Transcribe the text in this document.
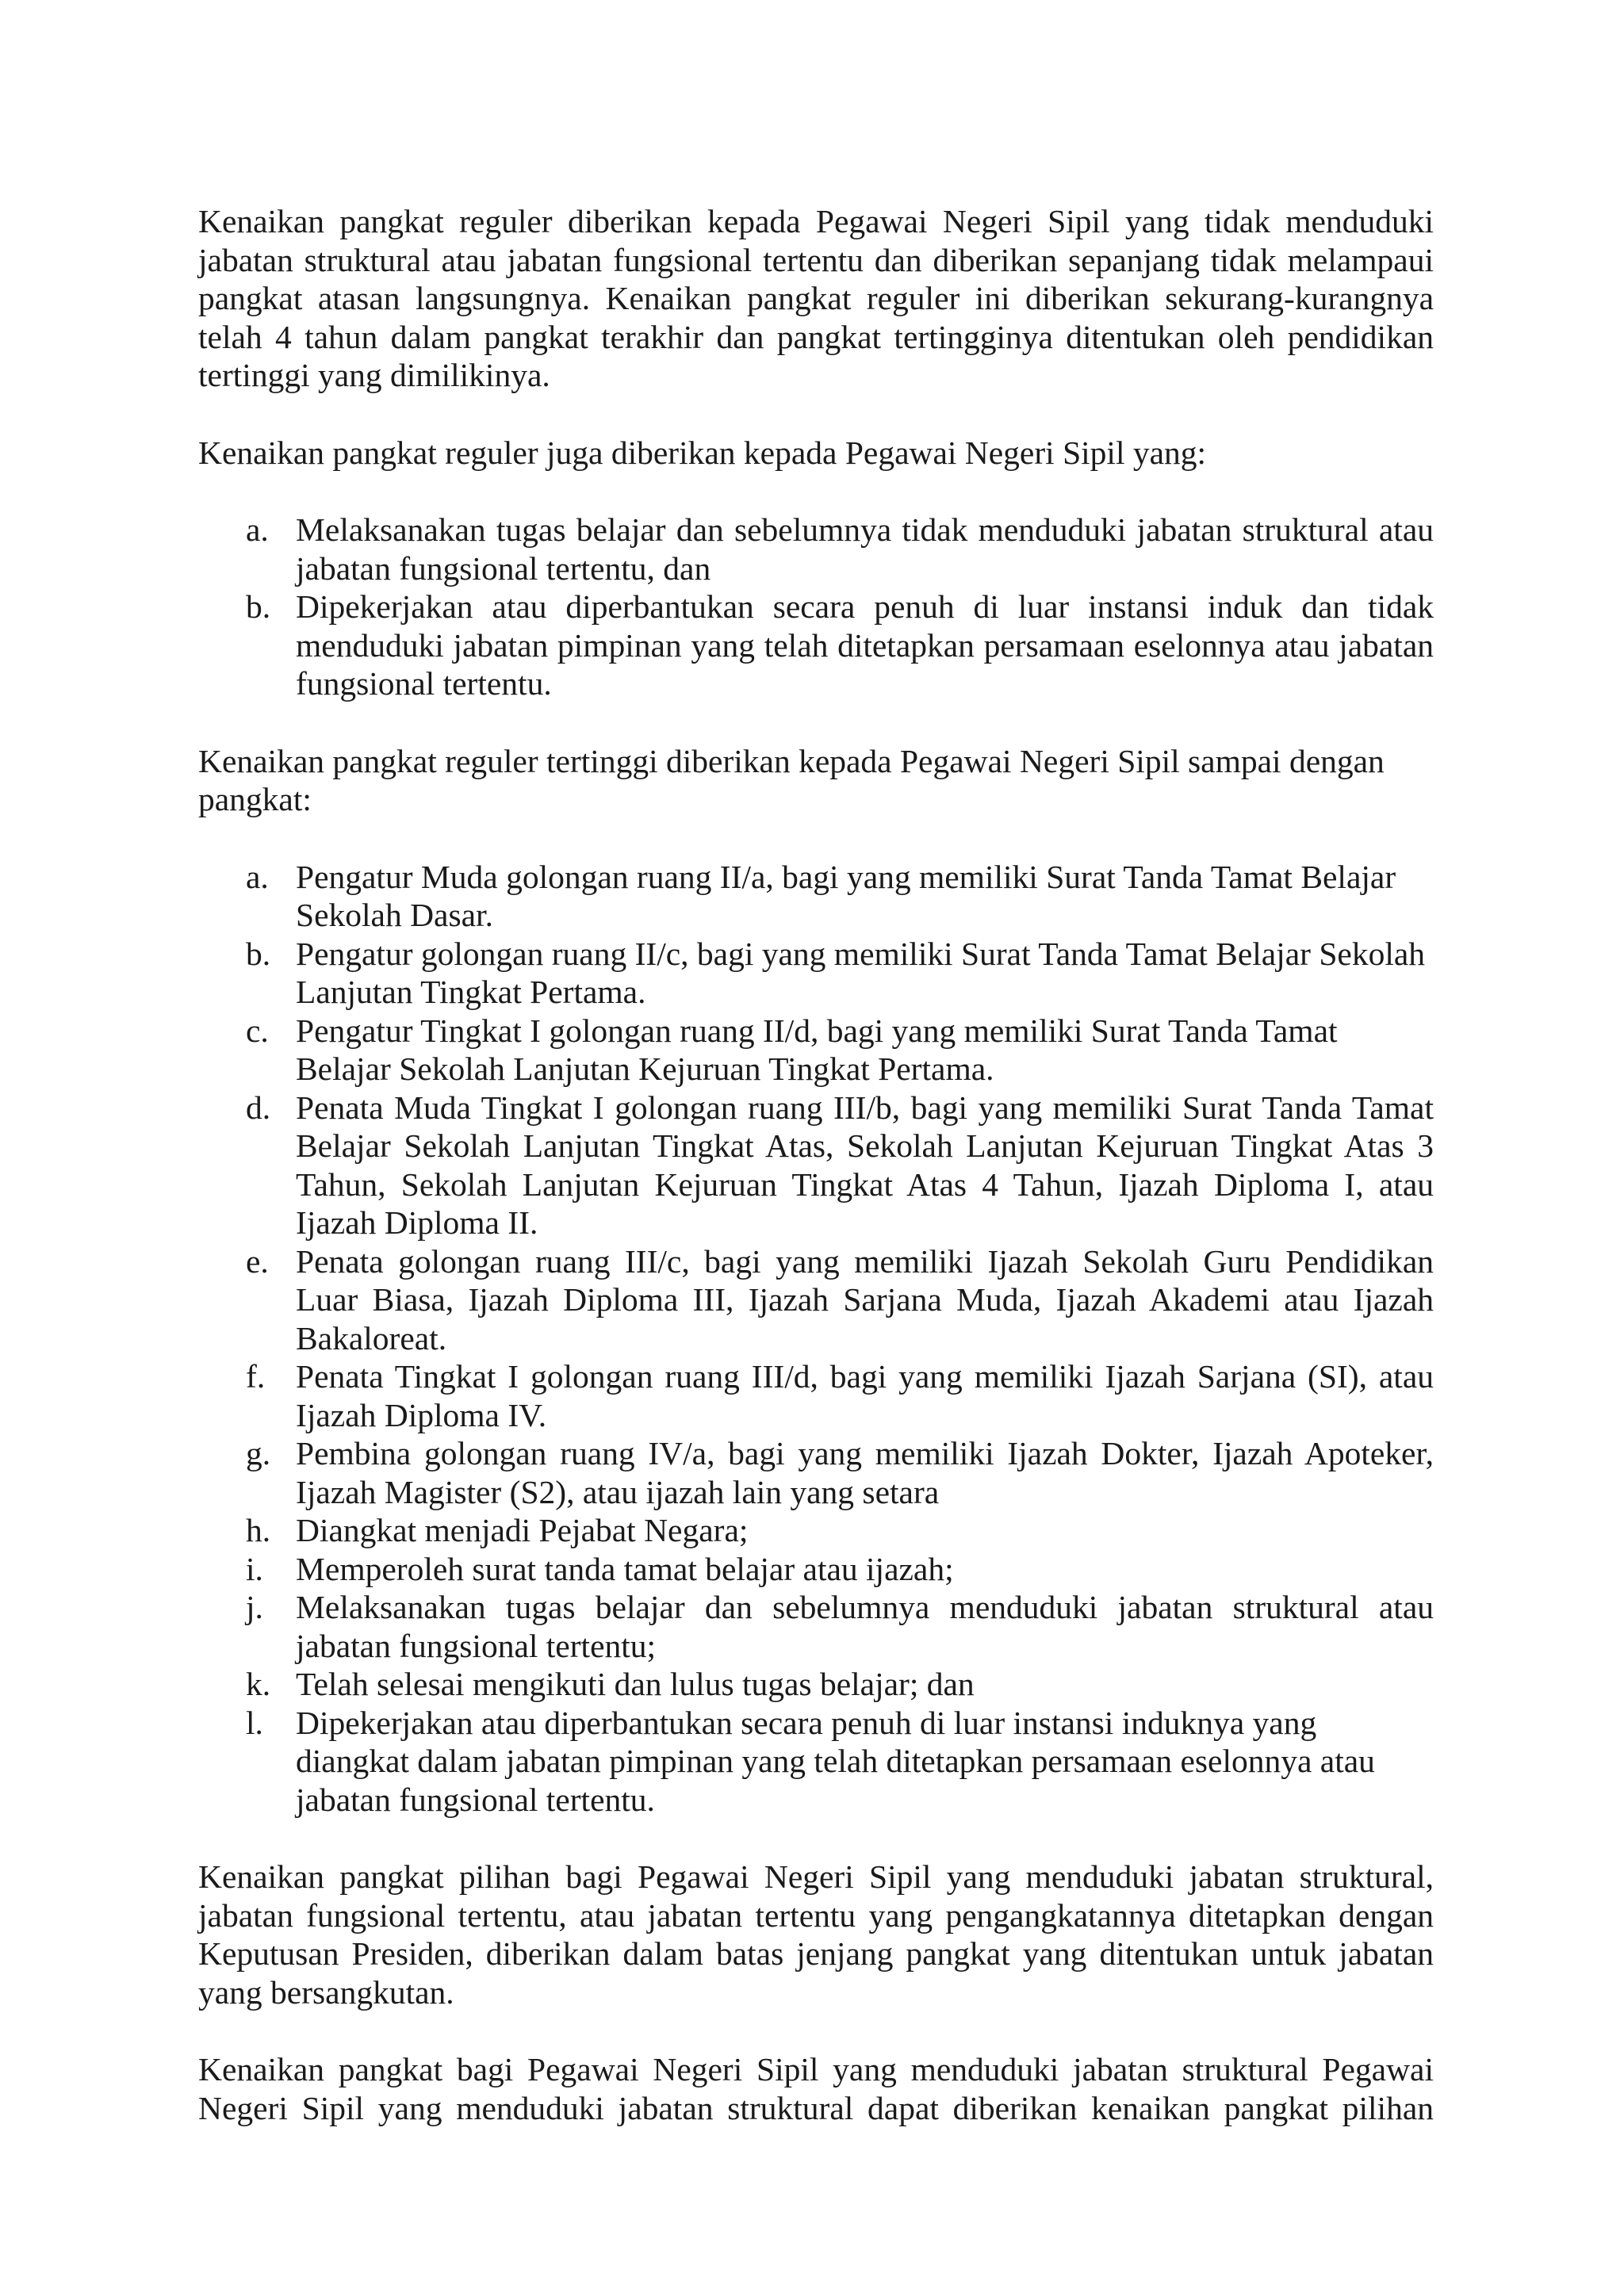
Kenaikan pangkat reguler diberikan kepada Pegawai Negeri Sipil yang tidak menduduki jabatan struktural atau jabatan fungsional tertentu dan diberikan sepanjang tidak melampaui pangkat atasan langsungnya. Kenaikan pangkat reguler ini diberikan sekurang-kurangnya telah 4 tahun dalam pangkat terakhir dan pangkat tertingginya ditentukan oleh pendidikan tertinggi yang dimilikinya.

Kenaikan pangkat reguler juga diberikan kepada Pegawai Negeri Sipil yang:

a. Melaksanakan tugas belajar dan sebelumnya tidak menduduki jabatan struktural atau jabatan fungsional tertentu, dan
b. Dipekerjakan atau diperbantukan secara penuh di luar instansi induk dan tidak menduduki jabatan pimpinan yang telah ditetapkan persamaan eselonnya atau jabatan fungsional tertentu.

Kenaikan pangkat reguler tertinggi diberikan kepada Pegawai Negeri Sipil sampai dengan pangkat:

a. Pengatur Muda golongan ruang II/a, bagi yang memiliki Surat Tanda Tamat Belajar Sekolah Dasar.
b. Pengatur golongan ruang II/c, bagi yang memiliki Surat Tanda Tamat Belajar Sekolah Lanjutan Tingkat Pertama.
c. Pengatur Tingkat I golongan ruang II/d, bagi yang memiliki Surat Tanda Tamat Belajar Sekolah Lanjutan Kejuruan Tingkat Pertama.
d. Penata Muda Tingkat I golongan ruang III/b, bagi yang memiliki Surat Tanda Tamat Belajar Sekolah Lanjutan Tingkat Atas, Sekolah Lanjutan Kejuruan Tingkat Atas 3 Tahun, Sekolah Lanjutan Kejuruan Tingkat Atas 4 Tahun, Ijazah Diploma I, atau Ijazah Diploma II.
e. Penata golongan ruang III/c, bagi yang memiliki Ijazah Sekolah Guru Pendidikan Luar Biasa, Ijazah Diploma III, Ijazah Sarjana Muda, Ijazah Akademi atau Ijazah Bakaloreat.
f. Penata Tingkat I golongan ruang III/d, bagi yang memiliki Ijazah Sarjana (SI), atau Ijazah Diploma IV.
g. Pembina golongan ruang IV/a, bagi yang memiliki Ijazah Dokter, Ijazah Apoteker, Ijazah Magister (S2), atau ijazah lain yang setara
h. Diangkat menjadi Pejabat Negara;
i. Memperoleh surat tanda tamat belajar atau ijazah;
j. Melaksanakan tugas belajar dan sebelumnya menduduki jabatan struktural atau jabatan fungsional tertentu;
k. Telah selesai mengikuti dan lulus tugas belajar; dan
l. Dipekerjakan atau diperbantukan secara penuh di luar instansi induknya yang diangkat dalam jabatan pimpinan yang telah ditetapkan persamaan eselonnya atau jabatan fungsional tertentu.

Kenaikan pangkat pilihan bagi Pegawai Negeri Sipil yang menduduki jabatan struktural, jabatan fungsional tertentu, atau jabatan tertentu yang pengangkatannya ditetapkan dengan Keputusan Presiden, diberikan dalam batas jenjang pangkat yang ditentukan untuk jabatan yang bersangkutan.

Kenaikan pangkat bagi Pegawai Negeri Sipil yang menduduki jabatan struktural Pegawai Negeri Sipil yang menduduki jabatan struktural dapat diberikan kenaikan pangkat pilihan
